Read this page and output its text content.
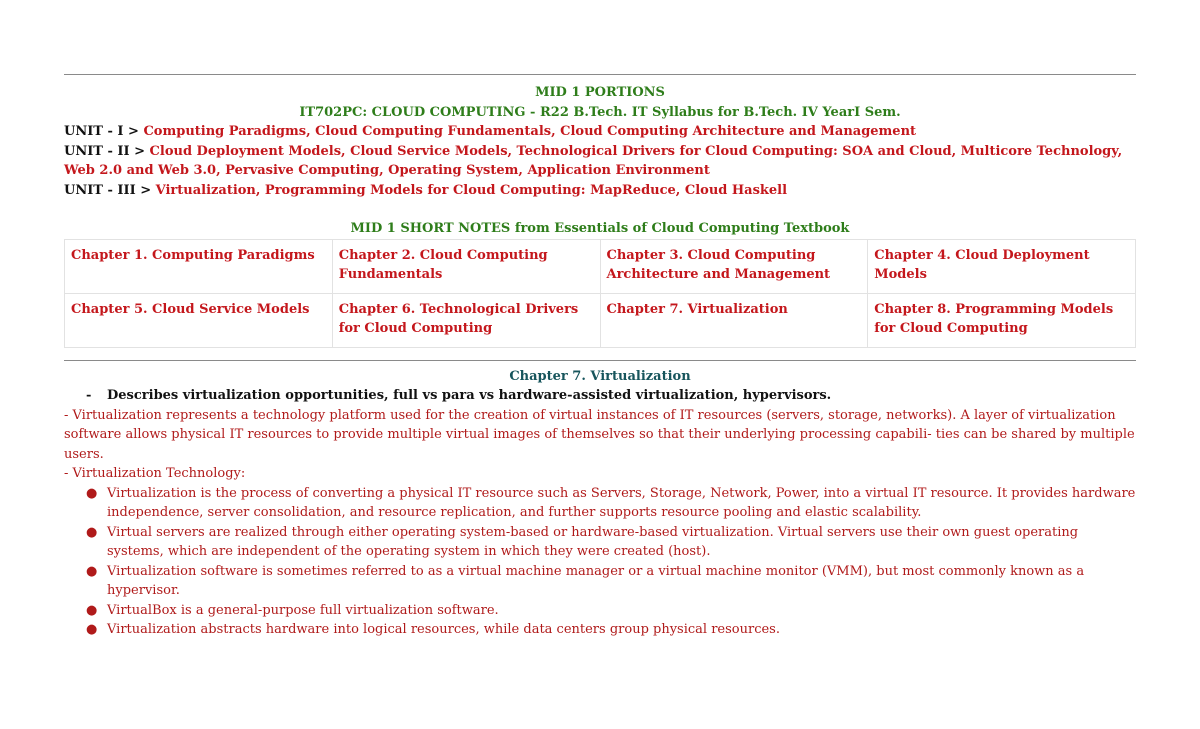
MID 1 PORTIONS
IT702PC: CLOUD COMPUTING - R22 B.Tech. IT Syllabus for B.Tech. IV YearI Sem.
UNIT - I > Computing Paradigms, Cloud Computing Fundamentals, Cloud Computing Architecture and Management
UNIT - II > Cloud Deployment Models, Cloud Service Models, Technological Drivers for Cloud Computing: SOA and Cloud, Multicore Technology, Web 2.0 and Web 3.0, Pervasive Computing, Operating System, Application Environment
UNIT - III > Virtualization, Programming Models for Cloud Computing: MapReduce, Cloud Haskell
MID 1 SHORT NOTES from Essentials of Cloud Computing Textbook
Chapter 1. Computing Paradigms	Chapter 2. Cloud Computing Fundamentals	Chapter 3. Cloud Computing Architecture and Management	Chapter 4. Cloud Deployment Models
Chapter 5. Cloud Service Models	Chapter 6. Technological Drivers for Cloud Computing	Chapter 7. Virtualization	Chapter 8. Programming Models for Cloud Computing
Chapter 7. Virtualization
- Describes virtualization opportunities, full vs para vs hardware-assisted virtualization, hypervisors.
- Virtualization represents a technology platform used for the creation of virtual instances of IT resources (servers, storage, networks). A layer of virtualization software allows physical IT resources to provide multiple virtual images of themselves so that their underlying processing capabili- ties can be shared by multiple users.
- Virtualization Technology:
● Virtualization is the process of converting a physical IT resource such as Servers, Storage, Network, Power, into a virtual IT resource. It provides hardware independence, server consolidation, and resource replication, and further supports resource pooling and elastic scalability.
● Virtual servers are realized through either operating system-based or hardware-based virtualization. Virtual servers use their own guest operating systems, which are independent of the operating system in which they were created (host).
● Virtualization software is sometimes referred to as a virtual machine manager or a virtual machine monitor (VMM), but most commonly known as a hypervisor.
● VirtualBox is a general-purpose full virtualization software.
● Virtualization abstracts hardware into logical resources, while data centers group physical resources.
